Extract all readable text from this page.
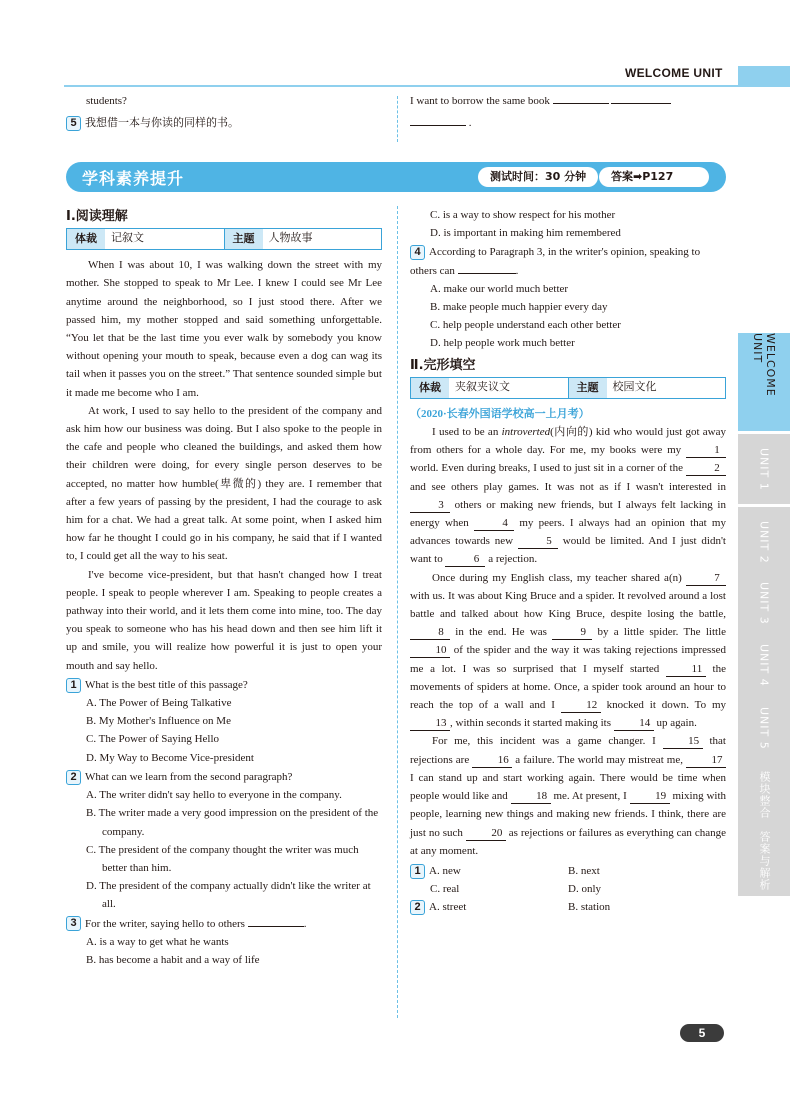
WELCOME UNIT
students?
5 我想借一本与你读的同样的书。
I want to borrow the same book
.
学科素养提升	测试时间：30 分钟	答案➡P127
Ⅰ.阅读理解
体裁	记叙文	主题	人物故事

When I was about 10, I was walking down the street with my mother. She stopped to speak to Mr Lee. I knew I could see Mr Lee anytime around the neighborhood, so I just stood there. After we passed him, my mother stopped and said something unforgettable. “You let that be the last time you ever walk by somebody you know without opening your mouth to speak, because even a dog can wag its tail when it passes you on the street.” That sentence sounded simple but it made me become who I am.

At work, I used to say hello to the president of the company and ask him how our business was doing. But I also spoke to the people in the cafe and people who cleaned the buildings, and asked them how their children were doing, for every single person deserves to be accepted, no matter how humble(卑微的) they are. I remember that after a few years of passing by the president, I had the courage to ask him for a chat. We had a great talk. At some point, when I asked him how far he thought I could go in his company, he said that if I wanted to, I could get all the way to his seat.

I've become vice-president, but that hasn't changed how I treat people. I speak to people wherever I am. Speaking to people creates a pathway into their world, and it lets them come into mine, too. The day you speak to someone who has his head down and then see him lift it up and smile, you will realize how powerful it is just to open your mouth and say hello.

1 What is the best title of this passage?
A. The Power of Being Talkative
B. My Mother's Influence on Me
C. The Power of Saying Hello
D. My Way to Become Vice-president
2 What can we learn from the second paragraph?
A. The writer didn't say hello to everyone in the company.
B. The writer made a very good impression on the president of the company.
C. The president of the company thought the writer was much better than him.
D. The president of the company actually didn't like the writer at all.
3 For the writer, saying hello to others	.
A. is a way to get what he wants
B. has become a habit and a way of life
C. is a way to show respect for his mother
D. is important in making him remembered
4 According to Paragraph 3, in the writer's opinion, speaking to others can	.
A. make our world much better
B. make people much happier every day
C. help people understand each other better
D. help people work much better
Ⅱ.完形填空
体裁	夹叙夹议文	主题	校园文化
（2020·长春外国语学校高一上月考）

I used to be an introverted(内向的) kid who would just got away from others for a whole day. For me, my books were my	1 world. Even during breaks, I used to just sit in a corner of the	2 and see others play games. It was not as if I wasn't interested in 3 others or making new friends, but I always felt lacking in energy when	4 my peers. I always had an opinion that my advances towards new	5 would be limited. And I just didn't want to	6 a rejection.

Once during my English class, my teacher shared a(n)	7 with us. It was about King Bruce and a spider. It revolved around a lost battle and talked about how King Bruce, despite losing the battle, 8 in the end. He was	9 by a little spider. The little 10 of the spider and the way it was taking rejections impressed me a lot. I was so surprised that I myself started 11 the movements of spiders at home. Once, a spider took around an hour to reach the top of a wall and I 12 knocked it down. To my 13 , within seconds it started making its 14 up again.

For me, this incident was a game changer. I 15 that rejections are 16 a failure. The world may mistreat me, 17 I can stand up and start working again. There would be time when people would like and 18 me. At present, I 19 mixing with people, learning new things and making new friends. I think, there are just no such 20 as rejections or failures as everything can change at any moment.

1 A. new	B. next
C. real	D. only
2 A. street	B. station
WELCOME UNIT
UNIT 1
UNIT 2
UNIT 3
UNIT 4
UNIT 5
模块整合
答案与解析
5
